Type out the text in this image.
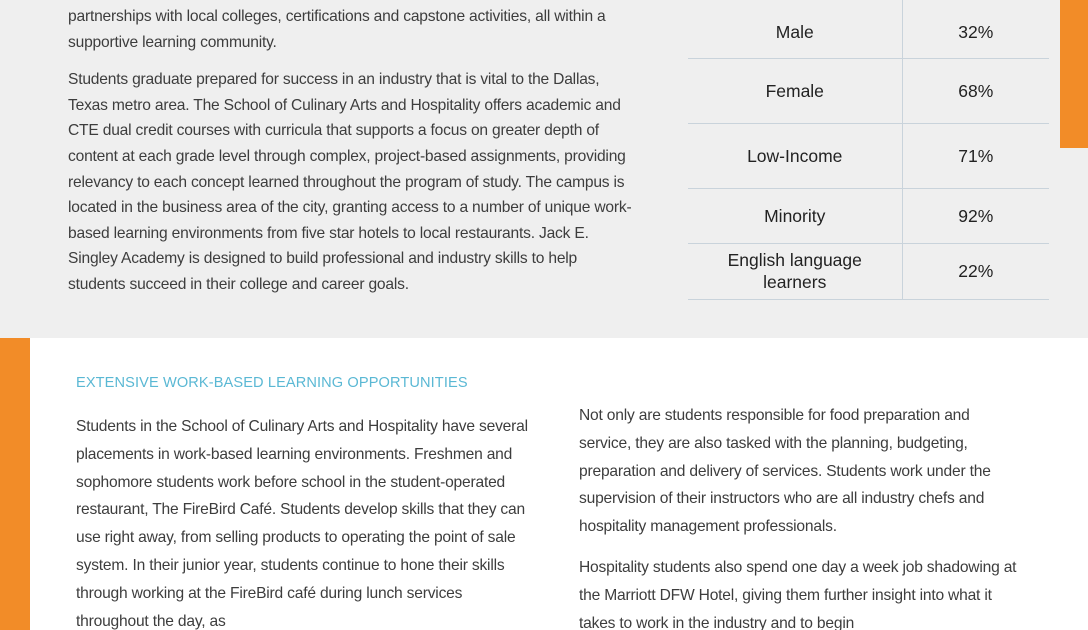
partnerships with local colleges, certifications and capstone activities, all within a supportive learning community.

Students graduate prepared for success in an industry that is vital to the Dallas, Texas metro area. The School of Culinary Arts and Hospitality offers academic and CTE dual credit courses with curricula that supports a focus on greater depth of content at each grade level through complex, project-based assignments, providing relevancy to each concept learned throughout the program of study. The campus is located in the business area of the city, granting access to a number of unique work-based learning environments from five star hotels to local restaurants. Jack E. Singley Academy is designed to build professional and industry skills to help students succeed in their college and career goals.

Male	32%
Female	68%
Low-Income	71%
Minority	92%
English language learners	22%
EXTENSIVE WORK-BASED LEARNING OPPORTUNITIES

Students in the School of Culinary Arts and Hospitality have several placements in work-based learning environments. Freshmen and sophomore students work before school in the student-operated restaurant, The FireBird Café. Students develop skills that they can use right away, from selling products to operating the point of sale system. In their junior year, students continue to hone their skills through working at the FireBird café during lunch services throughout the day, as

Not only are students responsible for food preparation and service, they are also tasked with the planning, budgeting, preparation and delivery of services. Students work under the supervision of their instructors who are all industry chefs and hospitality management professionals.

Hospitality students also spend one day a week job shadowing at the Marriott DFW Hotel, giving them further insight into what it takes to work in the industry and to begin
